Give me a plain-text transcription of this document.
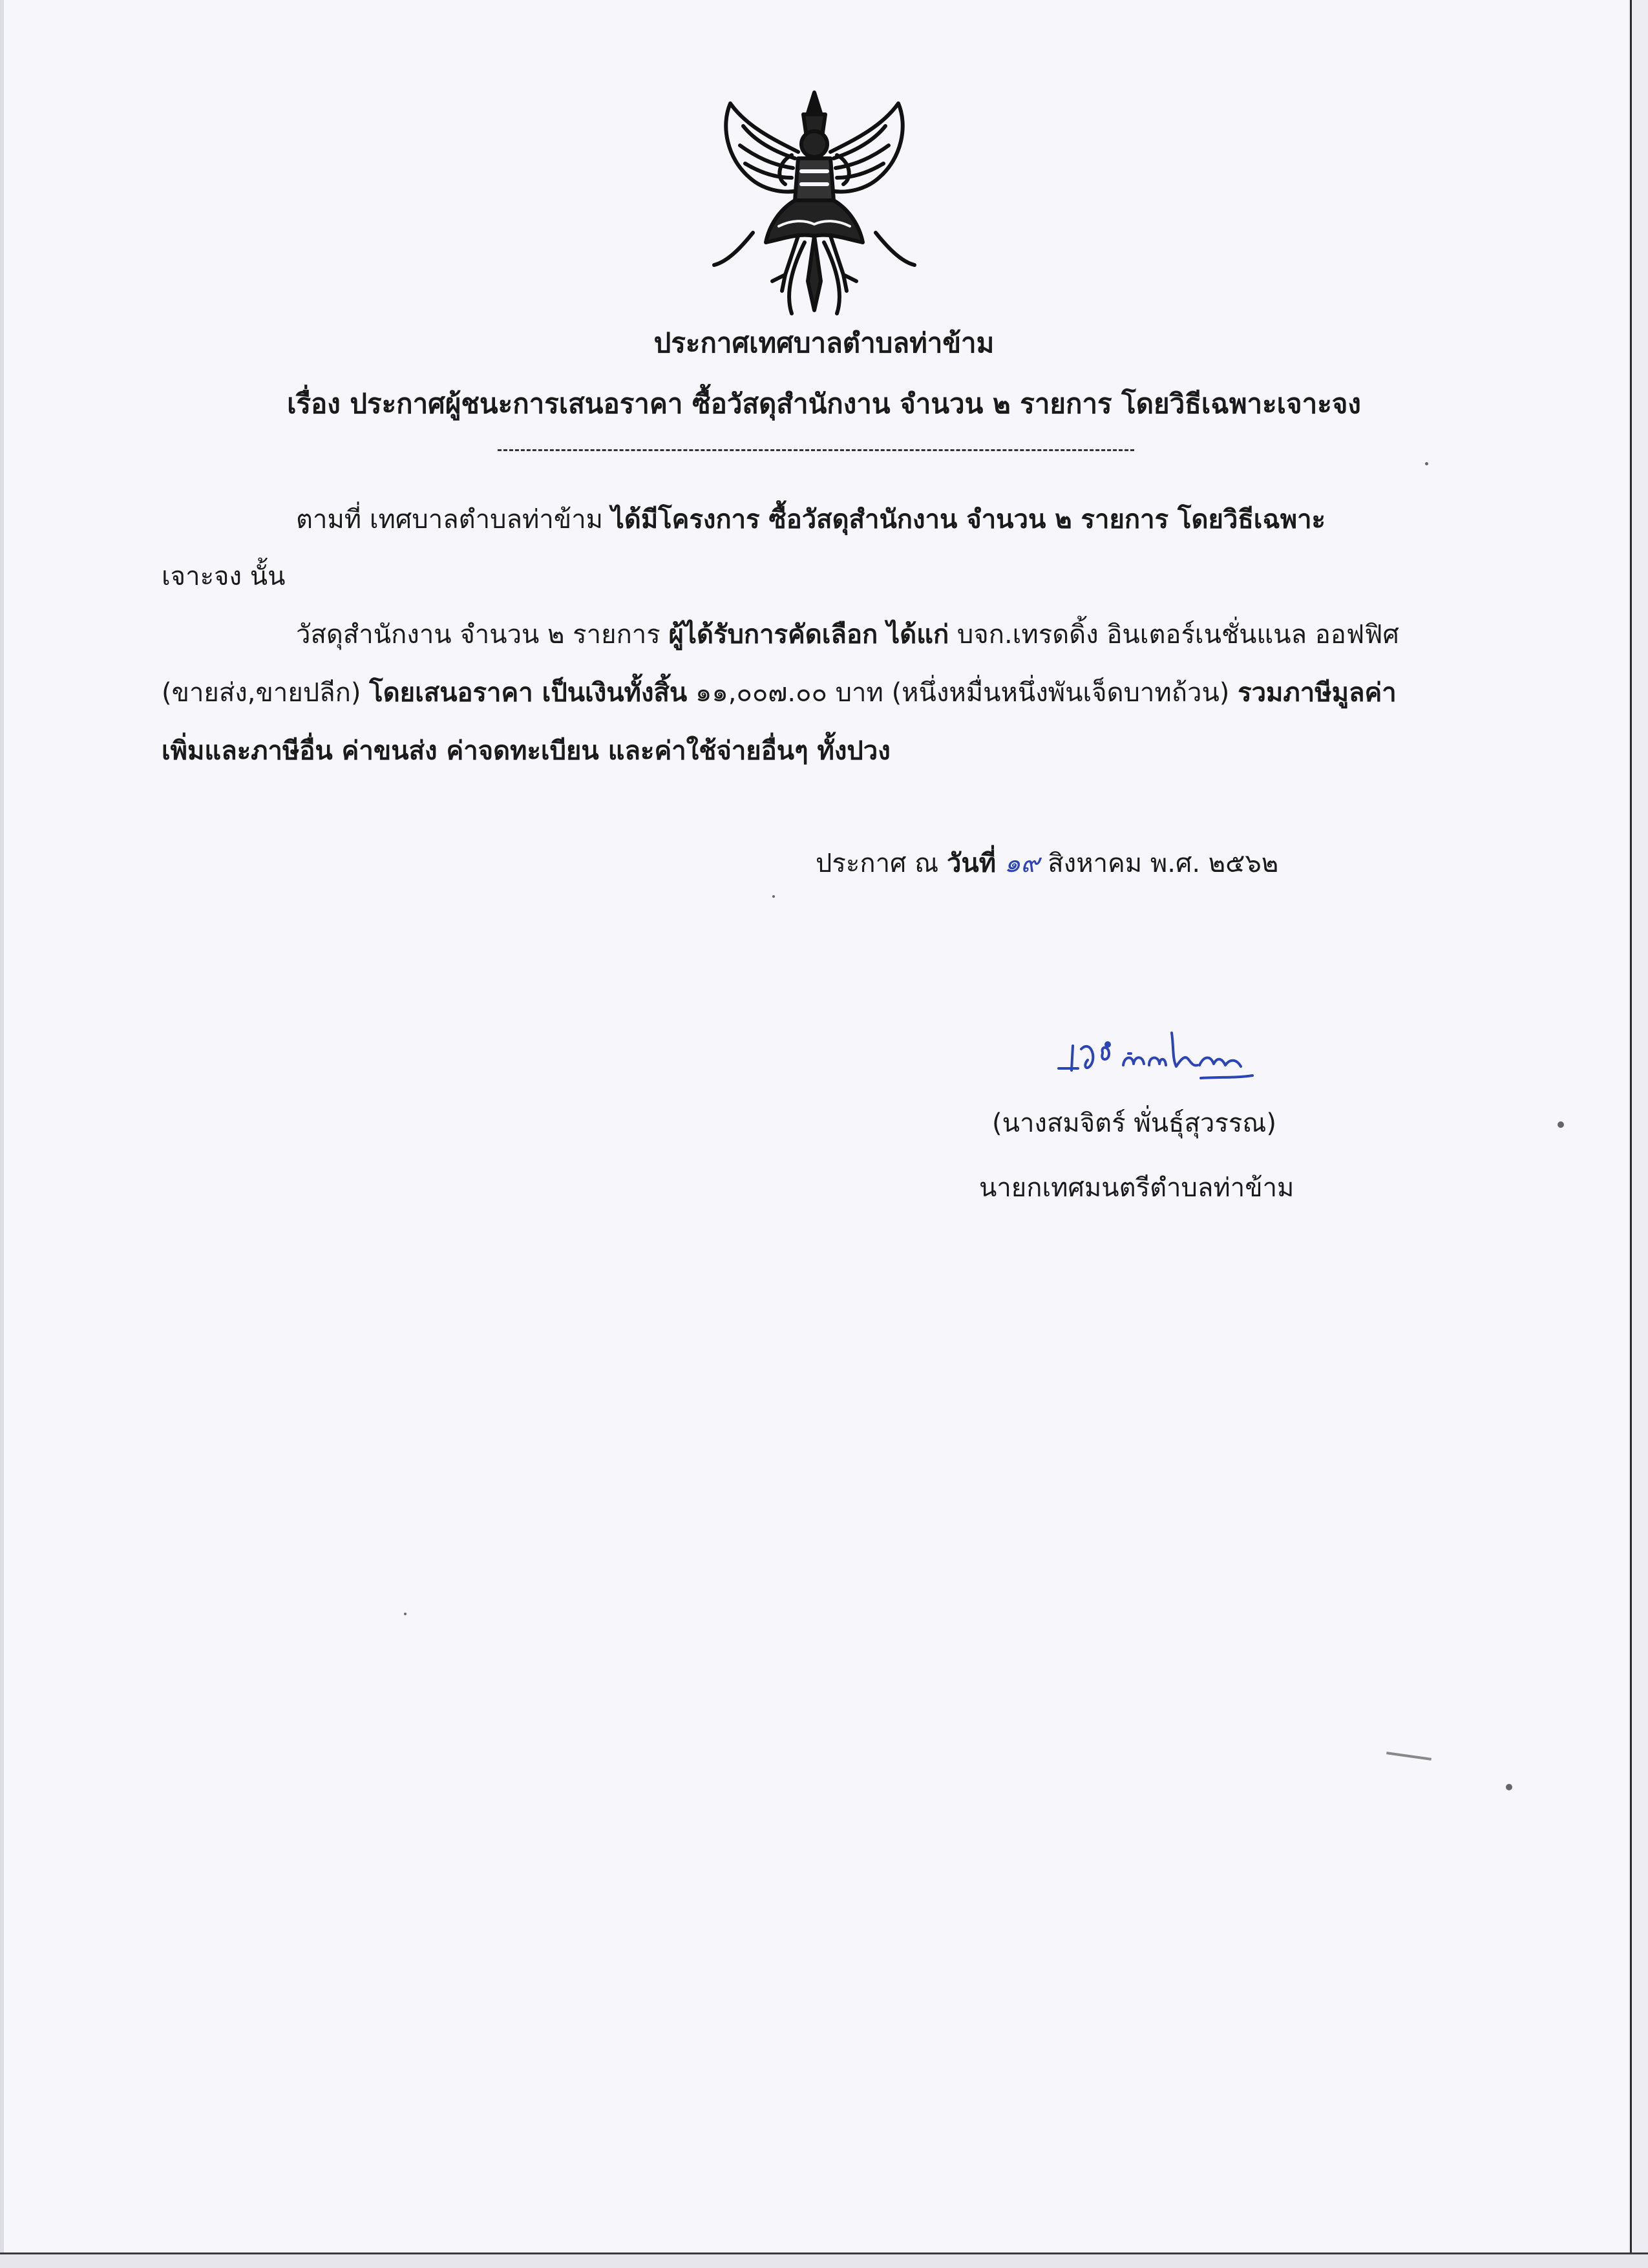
ประกาศเทศบาลตำบลท่าข้าม
เรื่อง ประกาศผู้ชนะการเสนอราคา ซื้อวัสดุสำนักงาน จำนวน ๒ รายการ โดยวิธีเฉพาะเจาะจง
ตามที่ เทศบาลตำบลท่าข้าม ได้มีโครงการ ซื้อวัสดุสำนักงาน จำนวน ๒ รายการ โดยวิธีเฉพาะ
เจาะจง นั้น
วัสดุสำนักงาน จำนวน ๒ รายการ ผู้ได้รับการคัดเลือก ได้แก่ บจก.เทรดดิ้ง อินเตอร์เนชั่นแนล ออฟฟิศ
(ขายส่ง,ขายปลีก) โดยเสนอราคา เป็นเงินทั้งสิ้น ๑๑,๐๐๗.๐๐ บาท (หนึ่งหมื่นหนึ่งพันเจ็ดบาทถ้วน) รวมภาษีมูลค่า
เพิ่มและภาษีอื่น ค่าขนส่ง ค่าจดทะเบียน และค่าใช้จ่ายอื่นๆ ทั้งปวง
ประกาศ ณ วันที่ ๑๙ สิงหาคม พ.ศ. ๒๕๖๒
(นางสมจิตร์ พั่นธุ์สุวรรณ)
นายกเทศมนตรีตำบลท่าข้าม
